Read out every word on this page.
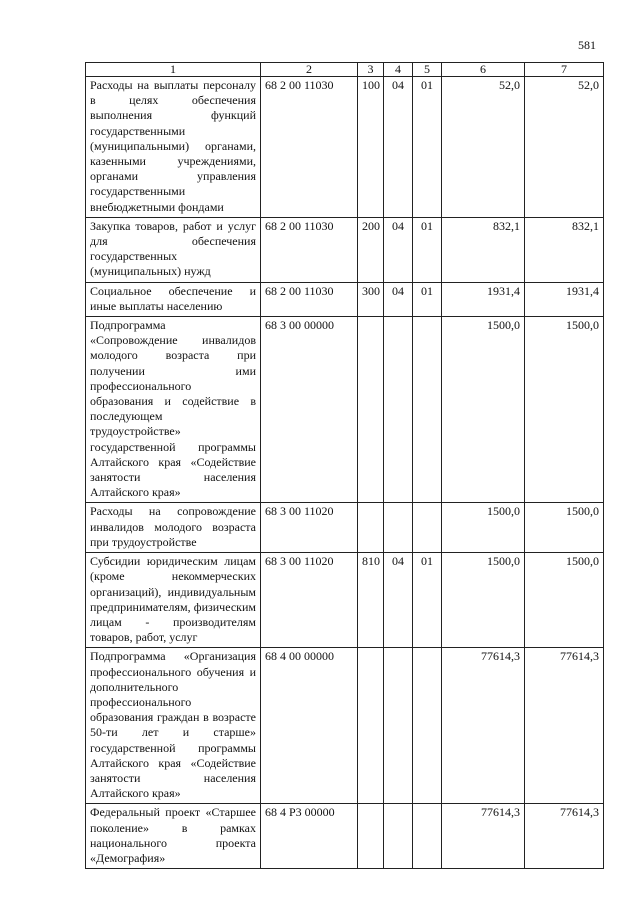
581
1	2	3	4	5	6	7
Расходы на выплаты персоналу в целях обеспечения выполнения функций государственными (муниципальными) органами, казенными учреждениями, органами управления государственными внебюджетными фондами	68 2 00 11030	100	04	01	52,0	52,0
Закупка товаров, работ и услуг для обеспечения государственных (муниципальных) нужд	68 2 00 11030	200	04	01	832,1	832,1
Социальное обеспечение и иные выплаты населению	68 2 00 11030	300	04	01	1931,4	1931,4
Подпрограмма «Сопровождение инвалидов молодого возраста при получении ими профессионального образования и содействие в последующем трудоустройстве» государственной программы Алтайского края «Содействие занятости населения Алтайского края»	68 3 00 00000				1500,0	1500,0
Расходы на сопровождение инвалидов молодого возраста при трудоустройстве	68 3 00 11020				1500,0	1500,0
Субсидии юридическим лицам (кроме некоммерческих организаций), индивидуальным предпринимателям, физическим лицам - производителям товаров, работ, услуг	68 3 00 11020	810	04	01	1500,0	1500,0
Подпрограмма «Организация профессионального обучения и дополнительного профессионального образования граждан в возрасте 50-ти лет и старше» государственной программы Алтайского края «Содействие занятости населения Алтайского края»	68 4 00 00000				77614,3	77614,3
Федеральный проект «Старшее поколение» в рамках национального проекта «Демография»	68 4 P3 00000				77614,3	77614,3
